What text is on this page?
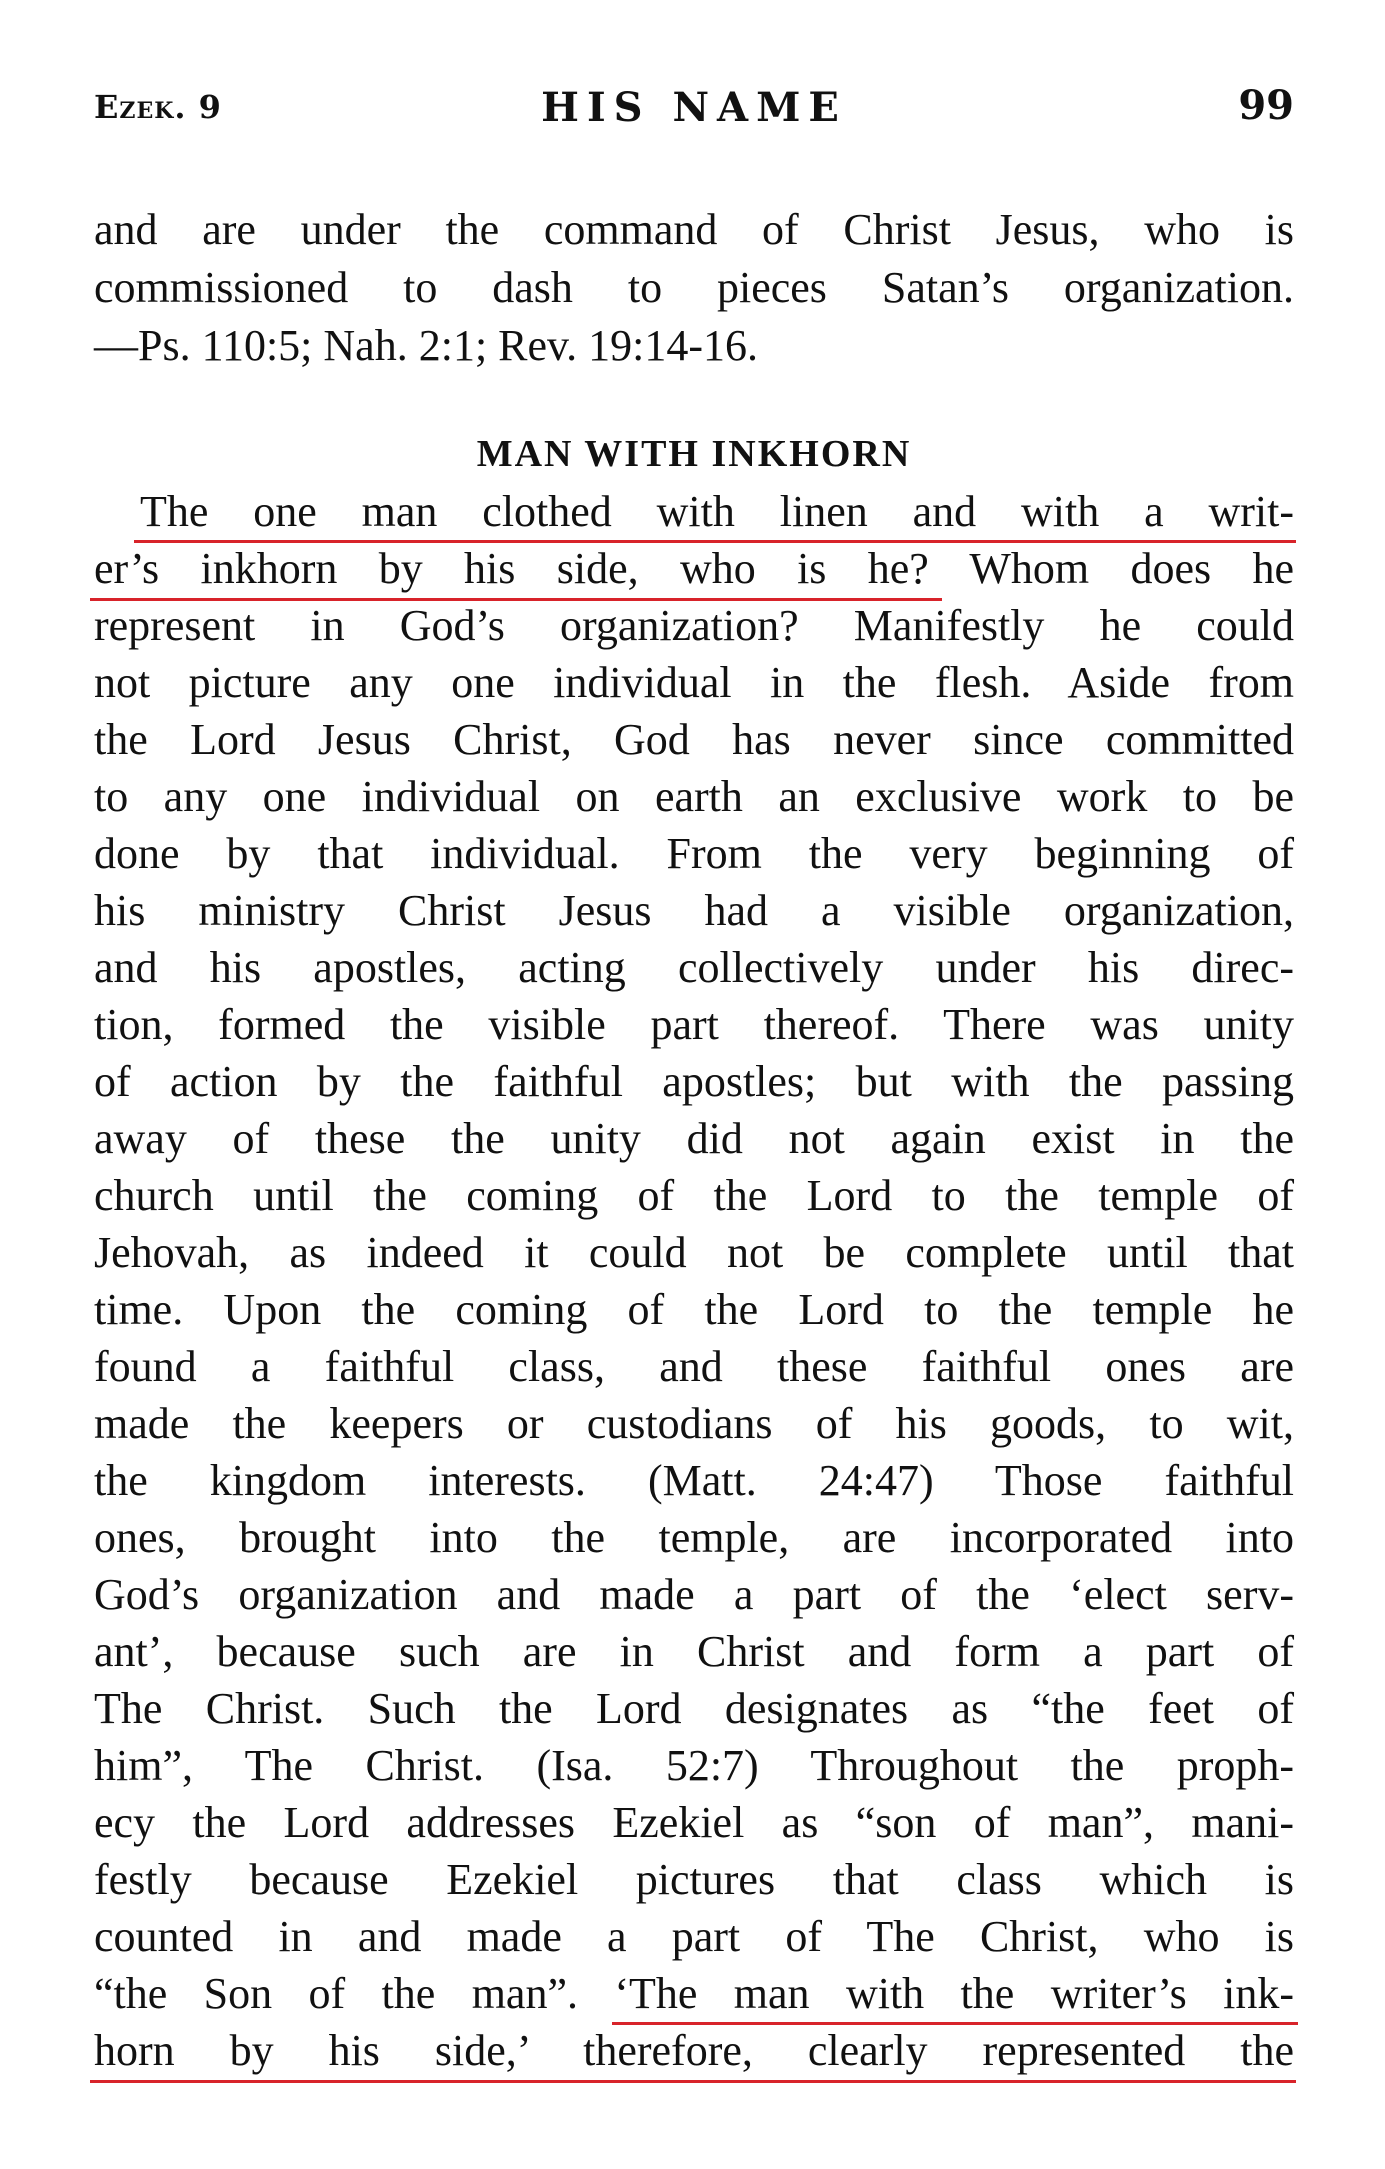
Ezek. 9	HIS NAME	99
and are under the command of Christ Jesus, who is
commissioned to dash to pieces Satan’s organization.
—Ps. 110:5; Nah. 2:1; Rev. 19:14-16.
MAN WITH INKHORN
The one man clothed with linen and with a writ-
er’s inkhorn by his side, who is he? Whom does he
represent in God’s organization? Manifestly he could
not picture any one individual in the flesh. Aside from
the Lord Jesus Christ, God has never since committed
to any one individual on earth an exclusive work to be
done by that individual. From the very beginning of
his ministry Christ Jesus had a visible organization,
and his apostles, acting collectively under his direc-
tion, formed the visible part thereof. There was unity
of action by the faithful apostles; but with the passing
away of these the unity did not again exist in the
church until the coming of the Lord to the temple of
Jehovah, as indeed it could not be complete until that
time. Upon the coming of the Lord to the temple he
found a faithful class, and these faithful ones are
made the keepers or custodians of his goods, to wit,
the kingdom interests. (Matt. 24:47) Those faithful
ones, brought into the temple, are incorporated into
God’s organization and made a part of the ‘elect serv-
ant’, because such are in Christ and form a part of
The Christ. Such the Lord designates as “the feet of
him”, The Christ. (Isa. 52:7) Throughout the proph-
ecy the Lord addresses Ezekiel as “son of man”, mani-
festly because Ezekiel pictures that class which is
counted in and made a part of The Christ, who is
“the Son of the man”. ‘The man with the writer’s ink-
horn by his side,’ therefore, clearly represented the
